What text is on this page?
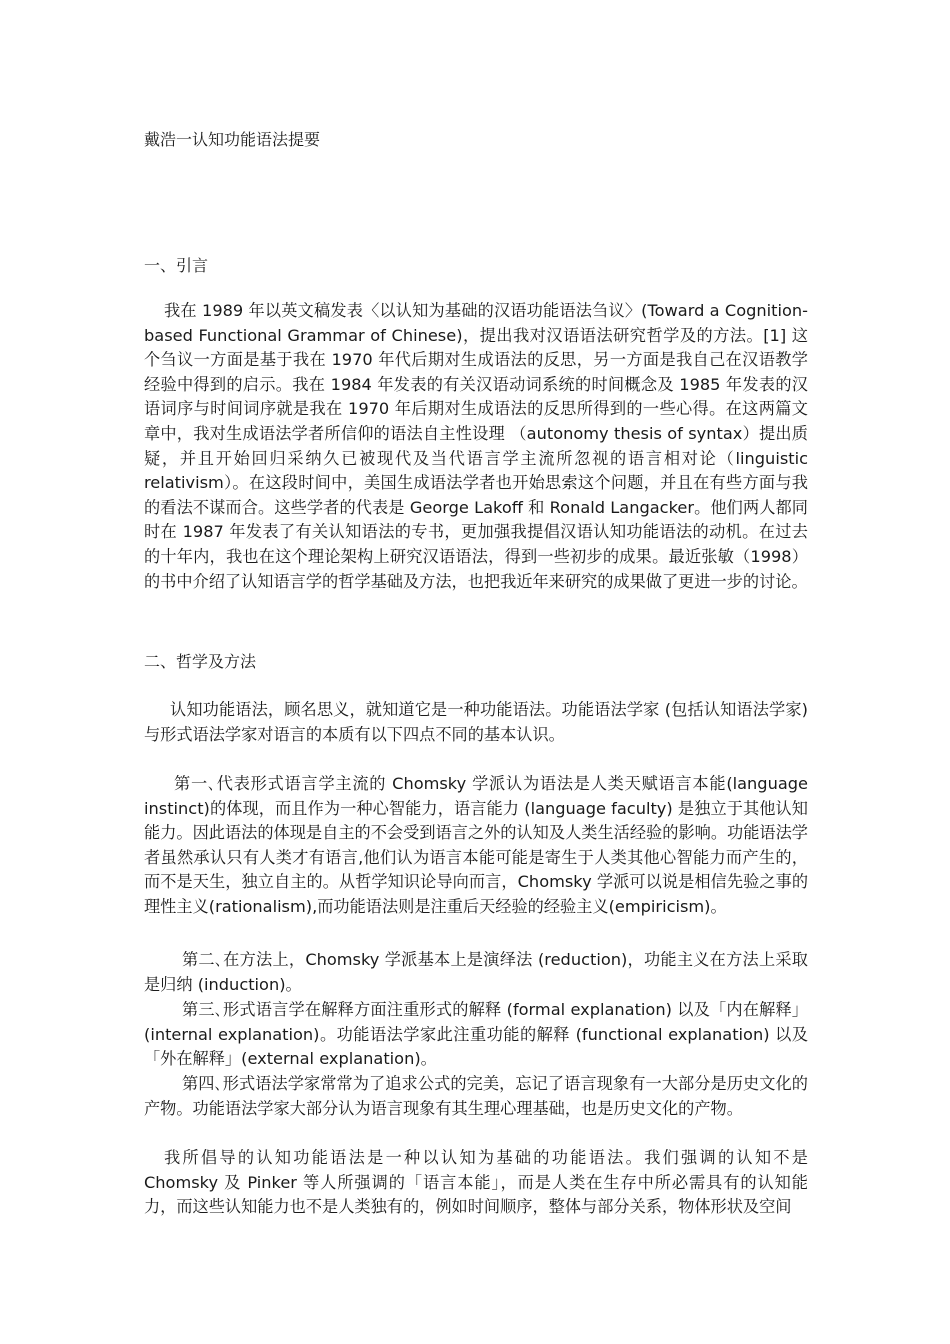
戴浩一认知功能语法提要

一、引言

我在 1989 年以英文稿发表〈以认知为基础的汉语功能语法刍议〉(Toward a Cognition-based Functional Grammar of Chinese)，提出我对汉语语法研究哲学及的方法。[1] 这个刍议一方面是基于我在 1970 年代后期对生成语法的反思，另一方面是我自己在汉语教学经验中得到的启示。我在 1984 年发表的有关汉语动词系统的时间概念及 1985 年发表的汉语词序与时间词序就是我在 1970 年后期对生成语法的反思所得到的一些心得。在这两篇文章中，我对生成语法学者所信仰的语法自主性设理 （autonomy thesis of syntax）提出质疑，并且开始回归采纳久已被现代及当代语言学主流所忽视的语言相对论（linguistic relativism）。在这段时间中，美国生成语法学者也开始思索这个问题，并且在有些方面与我的看法不谋而合。这些学者的代表是 George Lakoff 和 Ronald Langacker。他们两人都同时在 1987 年发表了有关认知语法的专书，更加强我提倡汉语认知功能语法的动机。在过去的十年内，我也在这个理论架构上研究汉语语法，得到一些初步的成果。最近张敏（1998）的书中介绍了认知语言学的哲学基础及方法，也把我近年来研究的成果做了更进一步的讨论。

二、哲学及方法

认知功能语法，顾名思义，就知道它是一种功能语法。功能语法学家 (包括认知语法学家) 与形式语法学家对语言的本质有以下四点不同的基本认识。

第一､代表形式语言学主流的 Chomsky 学派认为语法是人类天赋语言本能(language instinct)的体现，而且作为一种心智能力，语言能力 (language faculty) 是独立于其他认知能力。因此语法的体现是自主的不会受到语言之外的认知及人类生活经验的影响。功能语法学者虽然承认只有人类才有语言,他们认为语言本能可能是寄生于人类其他心智能力而产生的，而不是天生，独立自主的。从哲学知识论导向而言，Chomsky 学派可以说是相信先验之事的理性主义(rationalism),而功能语法则是注重后天经验的经验主义(empiricism)。

第二､在方法上，Chomsky 学派基本上是演绎法 (reduction)，功能主义在方法上采取是归纳 (induction)。

第三､形式语言学在解释方面注重形式的解释 (formal explanation) 以及「内在解释」(internal explanation)。功能语法学家此注重功能的解释 (functional explanation) 以及「外在解释」(external explanation)。

第四､形式语法学家常常为了追求公式的完美，忘记了语言现象有一大部分是历史文化的产物。功能语法学家大部分认为语言现象有其生理心理基础，也是历史文化的产物。

我所倡导的认知功能语法是一种以认知为基础的功能语法。我们强调的认知不是 Chomsky 及 Pinker 等人所强调的「语言本能」，而是人类在生存中所必需具有的认知能力，而这些认知能力也不是人类独有的，例如时间顺序，整体与部分关系，物体形状及空间
